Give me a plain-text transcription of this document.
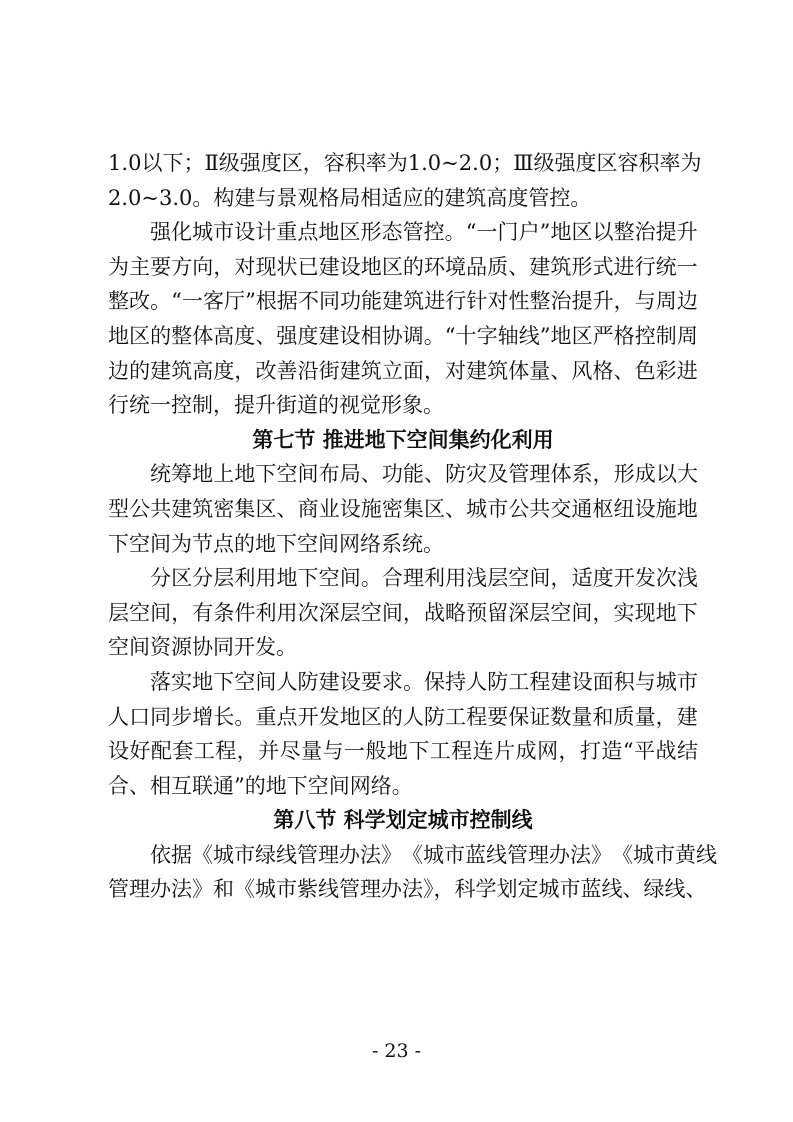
1 . 0 以 下 ； Ⅱ 级 强 度 区 ， 容 积 率 为 1 . 0 ~ 2 . 0 ； Ⅲ 级 强 度 区 容 积 率 为
2.0~3.0。构建与景观格局相适应的建筑高度管控。
强 化 城 市 设 计 重 点 地 区 形 态 管 控 。 “ 一 门 户 ” 地 区 以 整 治 提 升
为 主 要 方 向 ， 对 现 状 已 建 设 地 区 的 环 境 品 质 、 建 筑 形 式 进 行 统 一
整 改 。 “ 一 客 厅 ” 根 据 不 同 功 能 建 筑 进 行 针 对 性 整 治 提 升 ， 与 周 边
地 区 的 整 体 高 度 、 强 度 建 设 相 协 调 。 “ 十 字 轴 线 ” 地 区 严 格 控 制 周
边 的 建 筑 高 度 ， 改 善 沿 街 建 筑 立 面 ， 对 建 筑 体 量 、 风 格 、 色 彩 进
行统一控制，提升街道的视觉形象。
第七节 推进地下空间集约化利用
统 筹 地 上 地 下 空 间 布 局 、 功 能 、 防 灾 及 管 理 体 系 ， 形 成 以 大
型 公 共 建 筑 密 集 区 、 商 业 设 施 密 集 区 、 城 市 公 共 交 通 枢 纽 设 施 地
下空间为节点的地下空间网络系统。
分 区 分 层 利 用 地 下 空 间 。 合 理 利 用 浅 层 空 间 ， 适 度 开 发 次 浅
层 空 间 ， 有 条 件 利 用 次 深 层 空 间 ， 战 略 预 留 深 层 空 间 ， 实 现 地 下
空间资源协同开发。
落 实 地 下 空 间 人 防 建 设 要 求 。 保 持 人 防 工 程 建 设 面 积 与 城 市
人 口 同 步 增 长 。 重 点 开 发 地 区 的 人 防 工 程 要 保 证 数 量 和 质 量 ， 建
设 好 配 套 工 程 ， 并 尽 量 与 一 般 地 下 工 程 连 片 成 网 ， 打 造 “ 平 战 结
合、相互联通”的地下空间网络。
第八节 科学划定城市控制线
依 据 《 城 市 绿 线 管 理 办 法 》 《 城 市 蓝 线 管 理 办 法 》 《 城 市 黄 线
管理办法》和《城市紫线管理办法》，科学划定城市蓝线、绿线、
- 23 -
